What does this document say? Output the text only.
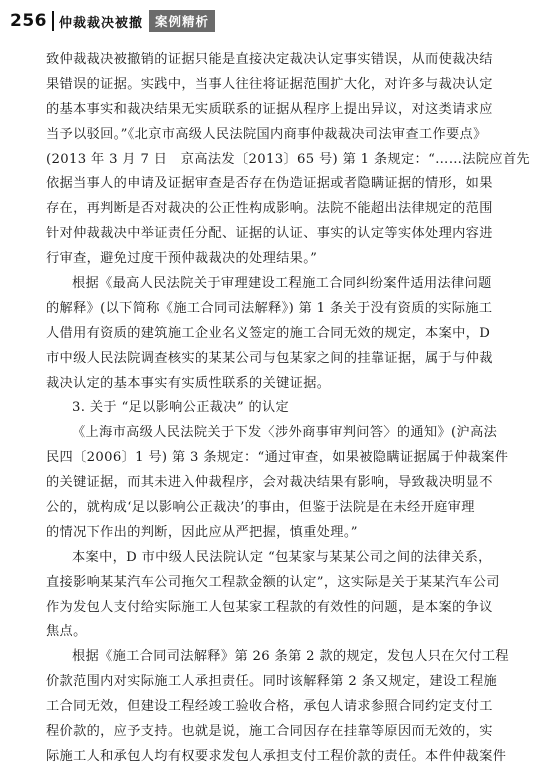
256 仲裁裁决被撤 案例精析
致仲裁裁决被撤销的证据只能是直接决定裁决认定事实错误，从而使裁决结
果错误的证据。实践中，当事人往往将证据范围扩大化，对许多与裁决认定
的基本事实和裁决结果无实质联系的证据从程序上提出异议，对这类请求应
当予以驳回。”《北京市高级人民法院国内商事仲裁裁决司法审查工作要点》
(2013 年 3 月 7 日　京高法发〔2013〕65 号) 第 1 条规定：“……法院应首先
依据当事人的申请及证据审查是否存在伪造证据或者隐瞒证据的情形，如果
存在，再判断是否对裁决的公正性构成影响。法院不能超出法律规定的范围
针对仲裁裁决中举证责任分配、证据的认证、事实的认定等实体处理内容进
行审查，避免过度干预仲裁裁决的处理结果。”
根据《最高人民法院关于审理建设工程施工合同纠纷案件适用法律问题
的解释》(以下简称《施工合同司法解释》) 第 1 条关于没有资质的实际施工
人借用有资质的建筑施工企业名义签定的施工合同无效的规定，本案中，D
市中级人民法院调查核实的某某公司与包某家之间的挂靠证据，属于与仲裁
裁决认定的基本事实有实质性联系的关键证据。
3. 关于 “足以影响公正裁决” 的认定
《上海市高级人民法院关于下发〈涉外商事审判问答〉的通知》(沪高法
民四〔2006〕1 号) 第 3 条规定：“通过审查，如果被隐瞒证据属于仲裁案件
的关键证据，而其未进入仲裁程序，会对裁决结果有影响，导致裁决明显不
公的，就构成‘足以影响公正裁决’的事由，但鉴于法院是在未经开庭审理
的情况下作出的判断，因此应从严把握，慎重处理。”
本案中，D 市中级人民法院认定 “包某家与某某公司之间的法律关系，
直接影响某某汽车公司拖欠工程款金额的认定”，这实际是关于某某汽车公司
作为发包人支付给实际施工人包某家工程款的有效性的问题，是本案的争议
焦点。
根据《施工合同司法解释》第 26 条第 2 款的规定，发包人只在欠付工程
价款范围内对实际施工人承担责任。同时该解释第 2 条又规定，建设工程施
工合同无效，但建设工程经竣工验收合格，承包人请求参照合同约定支付工
程价款的，应予支持。也就是说，施工合同因存在挂靠等原因而无效的，实
际施工人和承包人均有权要求发包人承担支付工程价款的责任。本件仲裁案件
